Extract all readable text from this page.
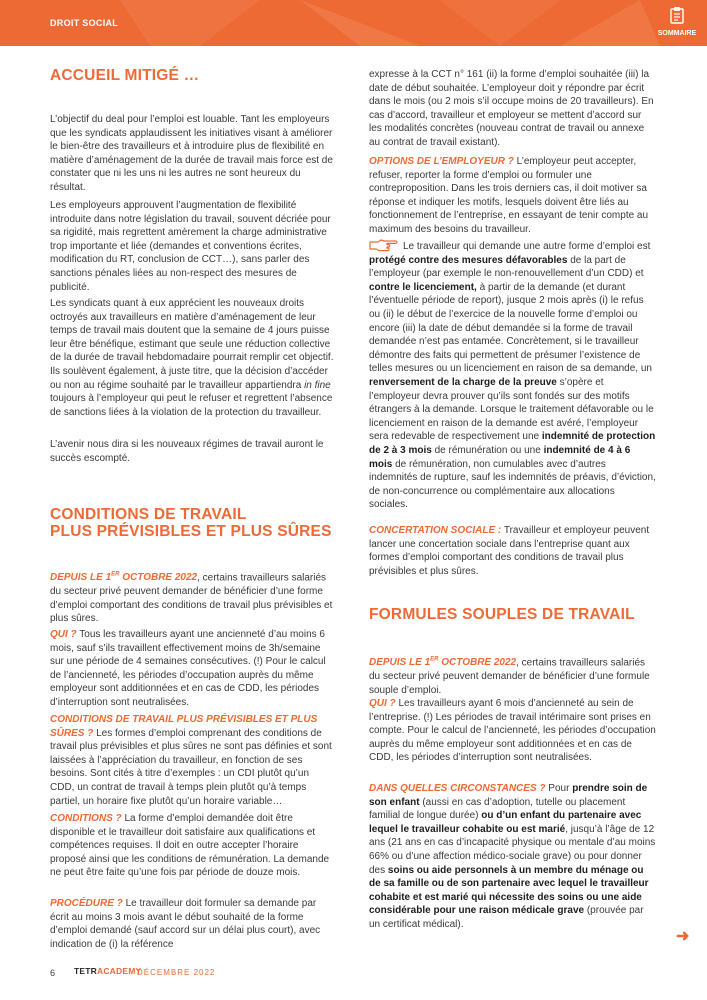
DROIT SOCIAL
SOMMAIRE
ACCUEIL MITIGÉ …

L’objectif du deal pour l’emploi est louable. Tant les employeurs que les syndicats applaudissent les initiatives visant à améliorer le bien-être des travailleurs et à introduire plus de flexibilité en matière d’aménagement de la durée de travail mais force est de constater que ni les uns ni les autres ne sont heureux du résultat.

Les employeurs approuvent l’augmentation de flexibilité introduite dans notre législation du travail, souvent décriée pour sa rigidité, mais regrettent amèrement la charge administrative trop importante et liée (demandes et conventions écrites, modification du RT, conclusion de CCT…), sans parler des sanctions pénales liées au non-respect des mesures de publicité.

Les syndicats quant à eux apprécient les nouveaux droits octroyés aux travailleurs en matière d’aménagement de leur temps de travail mais doutent que la semaine de 4 jours puisse leur être bénéfique, estimant que seule une réduction collective de la durée de travail hebdomadaire pourrait remplir cet objectif. Ils soulèvent également, à juste titre, que la décision d’accéder ou non au régime souhaité par le travailleur appartiendra in fine toujours à l’employeur qui peut le refuser et regrettent l’absence de sanctions liées à la violation de la protection du travailleur.

L’avenir nous dira si les nouveaux régimes de travail auront le succès escompté.

CONDITIONS DE TRAVAIL
PLUS PRÉVISIBLES ET PLUS SÛRES

DEPUIS LE 1ER OCTOBRE 2022, certains travailleurs salariés du secteur privé peuvent demander de bénéficier d’une forme d’emploi comportant des conditions de travail plus prévisibles et plus sûres.

QUI ? Tous les travailleurs ayant une ancienneté d’au moins 6 mois, sauf s’ils travaillent effectivement moins de 3h/semaine sur une période de 4 semaines consécutives. (!) Pour le calcul de l’ancienneté, les périodes d’occupation auprès du même employeur sont additionnées et en cas de CDD, les périodes d’interruption sont neutralisées.

CONDITIONS DE TRAVAIL PLUS PRÉVISIBLES ET PLUS SÛRES ? Les formes d’emploi comprenant des conditions de travail plus prévisibles et plus sûres ne sont pas définies et sont laissées à l’appréciation du travailleur, en fonction de ses besoins. Sont cités à titre d’exemples : un CDI plutôt qu’un CDD, un contrat de travail à temps plein plutôt qu’à temps partiel, un horaire fixe plutôt qu’un horaire variable…

CONDITIONS ? La forme d’emploi demandée doit être disponible et le travailleur doit satisfaire aux qualifications et compétences requises. Il doit en outre accepter l’horaire proposé ainsi que les conditions de rémunération. La demande ne peut être faite qu’une fois par période de douze mois.

PROCÉDURE ? Le travailleur doit formuler sa demande par écrit au moins 3 mois avant le début souhaité de la forme d’emploi demandé (sauf accord sur un délai plus court), avec indication de (i) la référence

expresse à la CCT n° 161 (ii) la forme d’emploi souhaitée (iii) la date de début souhaitée. L’employeur doit y répondre par écrit dans le mois (ou 2 mois s’il occupe moins de 20 travailleurs). En cas d’accord, travailleur et employeur se mettent d’accord sur les modalités concrètes (nouveau contrat de travail ou annexe au contrat de travail existant).

OPTIONS DE L’EMPLOYEUR ? L’employeur peut accepter, refuser, reporter la forme d’emploi ou formuler une contreproposition. Dans les trois derniers cas, il doit motiver sa réponse et indiquer les motifs, lesquels doivent être liés au fonctionnement de l’entreprise, en essayant de tenir compte au maximum des besoins du travailleur.

Le travailleur qui demande une autre forme d’emploi est protégé contre des mesures défavorables de la part de l’employeur (par exemple le non-renouvellement d’un CDD) et contre le licenciement, à partir de la demande (et durant l’éventuelle période de report), jusque 2 mois après (i) le refus ou (ii) le début de l’exercice de la nouvelle forme d’emploi ou encore (iii) la date de début demandée si la forme de travail demandée n’est pas entamée. Concrètement, si le travailleur démontre des faits qui permettent de présumer l’existence de telles mesures ou un licenciement en raison de sa demande, un renversement de la charge de la preuve s’opère et l’employeur devra prouver qu’ils sont fondés sur des motifs étrangers à la demande. Lorsque le traitement défavorable ou le licenciement en raison de la demande est avéré, l’employeur sera redevable de respectivement une indemnité de protection de 2 à 3 mois de rémunération ou une indemnité de 4 à 6 mois de rémunération, non cumulables avec d’autres indemnités de rupture, sauf les indemnités de préavis, d’éviction, de non-concurrence ou complémentaire aux allocations sociales.

CONCERTATION SOCIALE : Travailleur et employeur peuvent lancer une concertation sociale dans l’entreprise quant aux formes d’emploi comportant des conditions de travail plus prévisibles et plus sûres.

FORMULES SOUPLES DE TRAVAIL

DEPUIS LE 1ER OCTOBRE 2022, certains travailleurs salariés du secteur privé peuvent demander de bénéficier d’une formule souple d’emploi.

QUI ? Les travailleurs ayant 6 mois d’ancienneté au sein de l’entreprise. (!) Les périodes de travail intérimaire sont prises en compte. Pour le calcul de l’ancienneté, les périodes d’occupation auprès du même employeur sont additionnées et en cas de CDD, les périodes d’interruption sont neutralisées.

DANS QUELLES CIRCONSTANCES ? Pour prendre soin de son enfant (aussi en cas d’adoption, tutelle ou placement familial de longue durée) ou d’un enfant du partenaire avec lequel le travailleur cohabite ou est marié, jusqu’à l’âge de 12 ans (21 ans en cas d’incapacité physique ou mentale d’au moins 66% ou d’une affection médico-sociale grave) ou pour donner des soins ou aide personnels à un membre du ménage ou de sa famille ou de son partenaire avec lequel le travailleur cohabite et est marié qui nécessite des soins ou une aide considérable pour une raison médicale grave (prouvée par un certificat médical).

➜
6 TETRACADEMY
DÉCEMBRE 2022
